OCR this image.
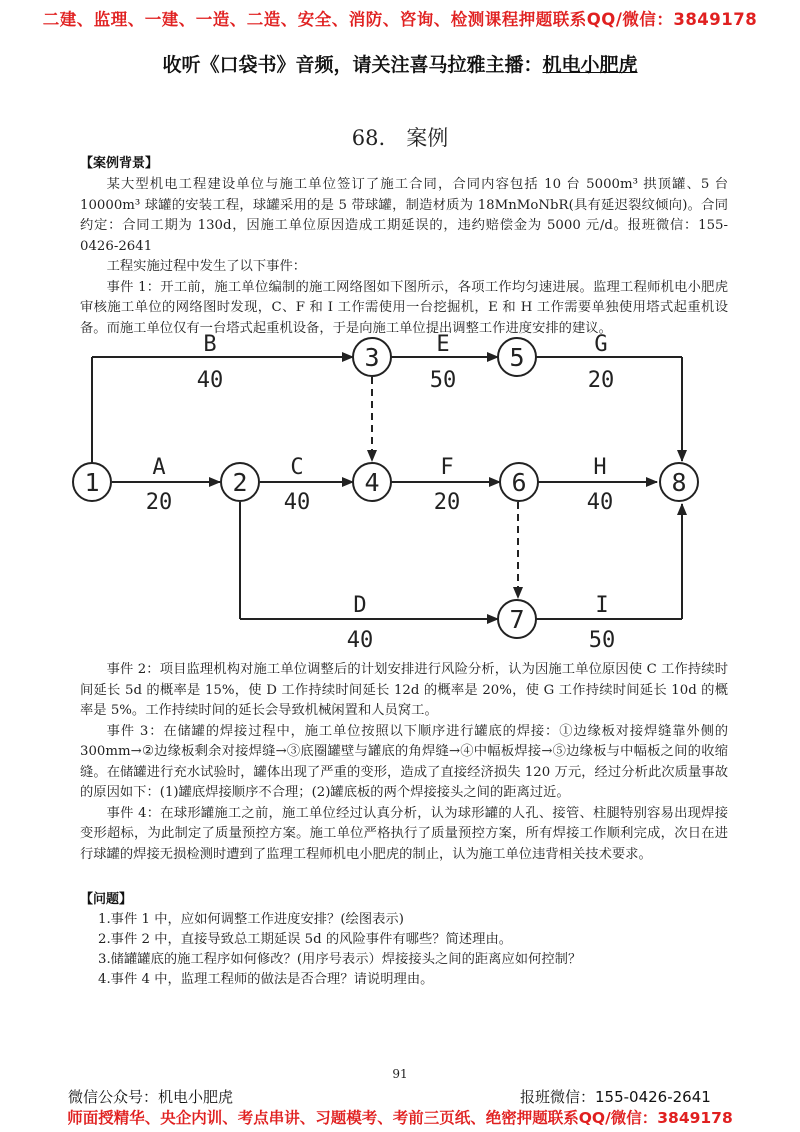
二建、监理、一建、一造、二造、安全、消防、咨询、检测课程押题联系QQ/微信：3849178
收听《口袋书》音频，请关注喜马拉雅主播：机电小肥虎
68.　案例
【案例背景】

某大型机电工程建设单位与施工单位签订了施工合同，合同内容包括 10 台 5000m³ 拱顶罐、5 台 10000m³ 球罐的安装工程，球罐采用的是 5 带球罐，制造材质为 18MnMoNbR(具有延迟裂纹倾向)。合同约定：合同工期为 130d，因施工单位原因造成工期延误的，违约赔偿金为 5000 元/d。报班微信：155-0426-2641

工程实施过程中发生了以下事件：

事件 1：开工前，施工单位编制的施工网络图如下图所示，各项工作均匀速进展。监理工程师机电小肥虎审核施工单位的网络图时发现，C、F 和 I 工作需使用一台挖掘机，E 和 H 工作需要单独使用塔式起重机设备。而施工单位仅有一台塔式起重机设备，于是向施工单位提出调整工作进度安排的建议。

1	2
3
4
5
6
7
8
B
40
E
50
G
20
A
20
C
40
F
20
H
40
D
40
I
50

事件 2：项目监理机构对施工单位调整后的计划安排进行风险分析，认为因施工单位原因使 C 工作持续时间延长 5d 的概率是 15%，使 D 工作持续时间延长 12d 的概率是 20%，使 G 工作持续时间延长 10d 的概率是 5%。工作持续时间的延长会导致机械闲置和人员窝工。

事件 3：在储罐的焊接过程中，施工单位按照以下顺序进行罐底的焊接：①边缘板对接焊缝靠外侧的 300mm→②边缘板剩余对接焊缝→③底圈罐壁与罐底的角焊缝→④中幅板焊接→⑤边缘板与中幅板之间的收缩缝。在储罐进行充水试验时，罐体出现了严重的变形，造成了直接经济损失 120 万元，经过分析此次质量事故的原因如下：(1)罐底焊接顺序不合理；(2)罐底板的两个焊接接头之间的距离过近。

事件 4：在球形罐施工之前，施工单位经过认真分析，认为球形罐的人孔、接管、柱腿特别容易出现焊接变形超标，为此制定了质量预控方案。施工单位严格执行了质量预控方案，所有焊接工作顺利完成，次日在进行球罐的焊接无损检测时遭到了监理工程师机电小肥虎的制止，认为施工单位违背相关技术要求。

【问题】
1.事件 1 中，应如何调整工作进度安排？(绘图表示)
2.事件 2 中，直接导致总工期延误 5d 的风险事件有哪些？简述理由。
3.储罐罐底的施工程序如何修改？(用序号表示）焊接接头之间的距离应如何控制？
4.事件 4 中，监理工程师的做法是否合理？请说明理由。
91
微信公众号：机电小肥虎	报班微信：155-0426-2641
师面授精华、央企内训、考点串讲、习题模考、考前三页纸、绝密押题联系QQ/微信：3849178
